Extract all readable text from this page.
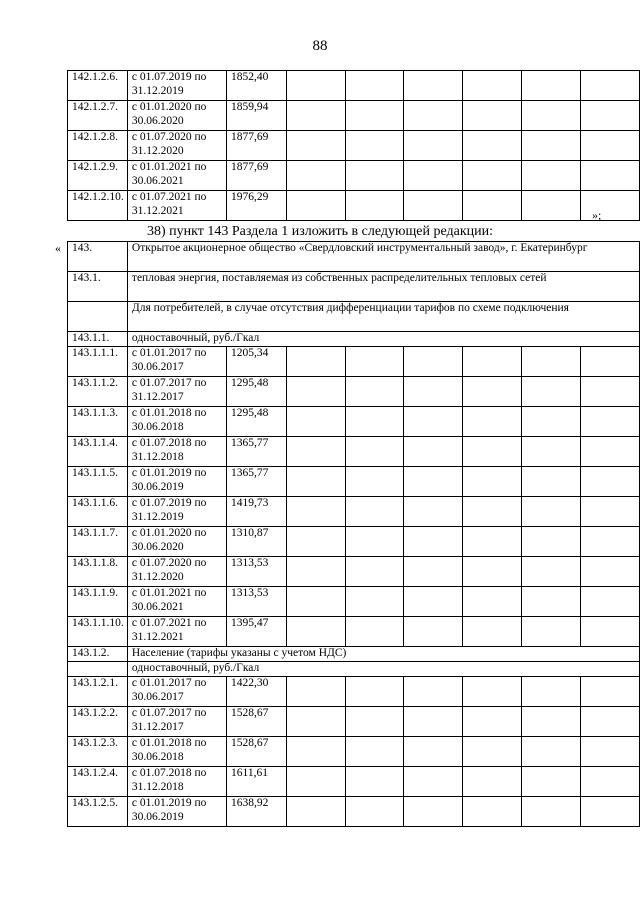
88
142.1.2.6.	с 01.07.2019 по 31.12.2019	1852,40						
142.1.2.7.	с 01.01.2020 по 30.06.2020	1859,94						
142.1.2.8.	с 01.07.2020 по 31.12.2020	1877,69						
142.1.2.9.	с 01.01.2021 по 30.06.2021	1877,69						
142.1.2.10.	с 01.07.2021 по 31.12.2021	1976,29						
»;
38) пункт 143 Раздела 1 изложить в следующей редакции:
« 143.	Открытое акционерное общество «Свердловский инструментальный завод», г. Екатеринбург							
143.1.	тепловая энергия, поставляемая из собственных распределительных тепловых сетей							
	Для потребителей, в случае отсутствия дифференциации тарифов по схеме подключения							
143.1.1.	одноставочный, руб./Гкал							
143.1.1.1.	с 01.01.2017 по 30.06.2017	1205,34						
143.1.1.2.	с 01.07.2017 по 31.12.2017	1295,48						
143.1.1.3.	с 01.01.2018 по 30.06.2018	1295,48						
143.1.1.4.	с 01.07.2018 по 31.12.2018	1365,77						
143.1.1.5.	с 01.01.2019 по 30.06.2019	1365,77						
143.1.1.6.	с 01.07.2019 по 31.12.2019	1419,73						
143.1.1.7.	с 01.01.2020 по 30.06.2020	1310,87						
143.1.1.8.	с 01.07.2020 по 31.12.2020	1313,53						
143.1.1.9.	с 01.01.2021 по 30.06.2021	1313,53						
143.1.1.10.	с 01.07.2021 по 31.12.2021	1395,47						
143.1.2.	Население (тарифы указаны с учетом НДС)							
	одноставочный, руб./Гкал							
143.1.2.1.	с 01.01.2017 по 30.06.2017	1422,30						
143.1.2.2.	с 01.07.2017 по 31.12.2017	1528,67						
143.1.2.3.	с 01.01.2018 по 30.06.2018	1528,67						
143.1.2.4.	с 01.07.2018 по 31.12.2018	1611,61						
143.1.2.5.	с 01.01.2019 по 30.06.2019	1638,92						
